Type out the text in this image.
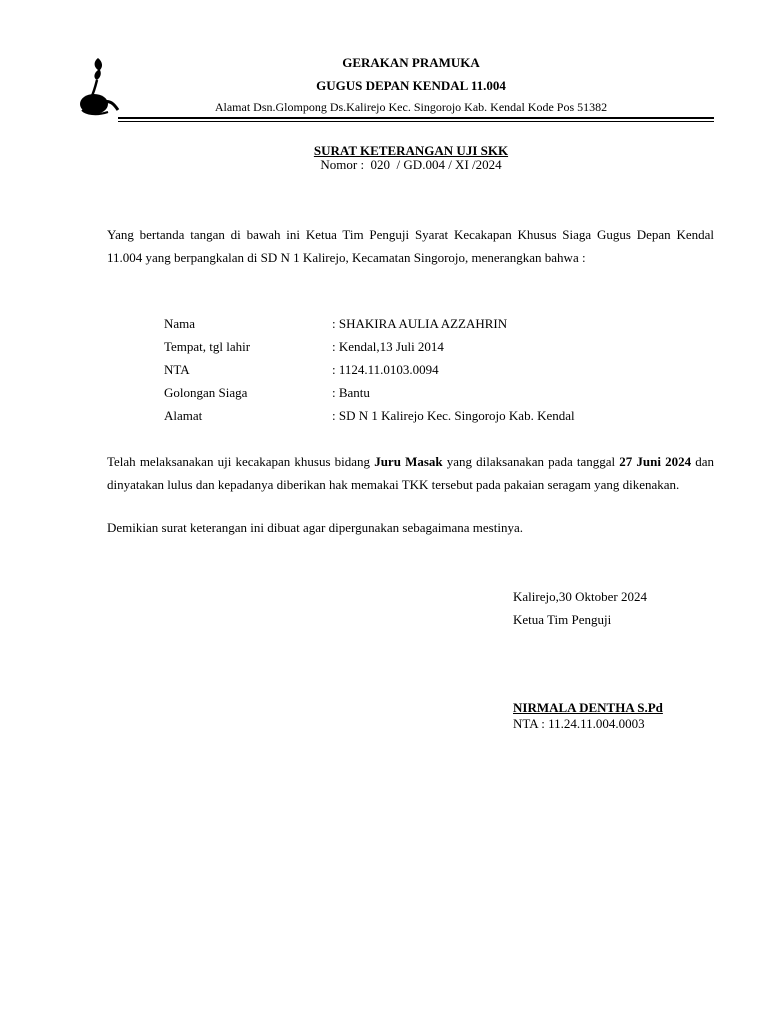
GERAKAN PRAMUKA
GUGUS DEPAN KENDAL 11.004
Alamat Dsn.Glompong Ds.Kalirejo Kec. Singorojo Kab. Kendal Kode Pos 51382
SURAT KETERANGAN UJI SKK
Nomor :  020  / GD.004 / XI /2024
Yang bertanda tangan di bawah ini Ketua Tim Penguji Syarat Kecakapan Khusus Siaga Gugus Depan Kendal 11.004 yang berpangkalan di SD N 1 Kalirejo, Kecamatan Singorojo, menerangkan bahwa :
Nama	: SHAKIRA AULIA AZZAHRIN
Tempat, tgl lahir	: Kendal,13 Juli 2014
NTA	: 1124.11.0103.0094
Golongan Siaga	: Bantu
Alamat	: SD N 1 Kalirejo Kec. Singorojo Kab. Kendal
Telah melaksanakan uji kecakapan khusus bidang Juru Masak yang dilaksanakan pada tanggal 27 Juni 2024 dan dinyatakan lulus dan kepadanya diberikan hak memakai TKK tersebut pada pakaian seragam yang dikenakan.
Demikian surat keterangan ini dibuat agar dipergunakan sebagaimana mestinya.
Kalirejo,30 Oktober 2024
Ketua Tim Penguji
NIRMALA DENTHA S.Pd
NTA : 11.24.11.004.0003
